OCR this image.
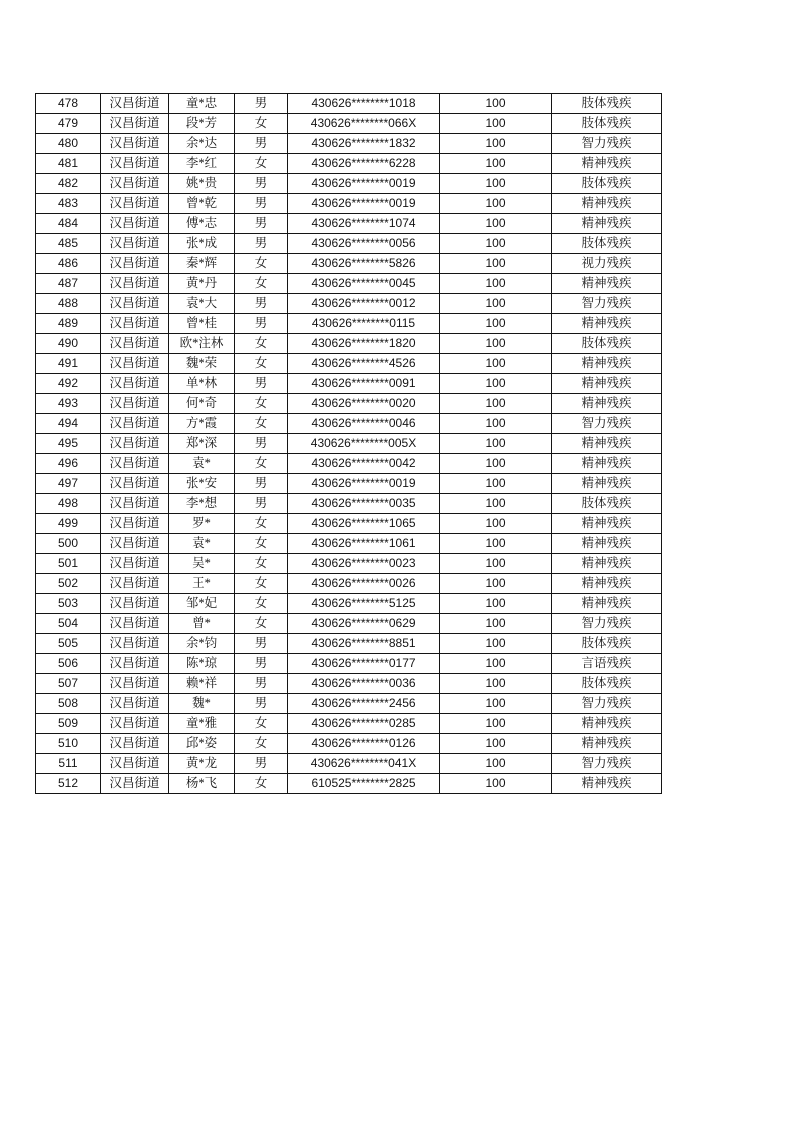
478	汉昌街道	童*忠	男	430626********1018	100	肢体残疾
479	汉昌街道	段*芳	女	430626********066X	100	肢体残疾
480	汉昌街道	余*达	男	430626********1832	100	智力残疾
481	汉昌街道	李*红	女	430626********6228	100	精神残疾
482	汉昌街道	姚*贵	男	430626********0019	100	肢体残疾
483	汉昌街道	曾*乾	男	430626********0019	100	精神残疾
484	汉昌街道	傅*志	男	430626********1074	100	精神残疾
485	汉昌街道	张*成	男	430626********0056	100	肢体残疾
486	汉昌街道	秦*辉	女	430626********5826	100	视力残疾
487	汉昌街道	黄*丹	女	430626********0045	100	精神残疾
488	汉昌街道	袁*大	男	430626********0012	100	智力残疾
489	汉昌街道	曾*桂	男	430626********0115	100	精神残疾
490	汉昌街道	欧*注林	女	430626********1820	100	肢体残疾
491	汉昌街道	魏*荣	女	430626********4526	100	精神残疾
492	汉昌街道	单*林	男	430626********0091	100	精神残疾
493	汉昌街道	何*奇	女	430626********0020	100	精神残疾
494	汉昌街道	方*霞	女	430626********0046	100	智力残疾
495	汉昌街道	郑*深	男	430626********005X	100	精神残疾
496	汉昌街道	袁*	女	430626********0042	100	精神残疾
497	汉昌街道	张*安	男	430626********0019	100	精神残疾
498	汉昌街道	李*想	男	430626********0035	100	肢体残疾
499	汉昌街道	罗*	女	430626********1065	100	精神残疾
500	汉昌街道	袁*	女	430626********1061	100	精神残疾
501	汉昌街道	吴*	女	430626********0023	100	精神残疾
502	汉昌街道	王*	女	430626********0026	100	精神残疾
503	汉昌街道	邹*妃	女	430626********5125	100	精神残疾
504	汉昌街道	曾*	女	430626********0629	100	智力残疾
505	汉昌街道	余*钧	男	430626********8851	100	肢体残疾
506	汉昌街道	陈*琼	男	430626********0177	100	言语残疾
507	汉昌街道	赖*祥	男	430626********0036	100	肢体残疾
508	汉昌街道	魏*	男	430626********2456	100	智力残疾
509	汉昌街道	童*雅	女	430626********0285	100	精神残疾
510	汉昌街道	邱*姿	女	430626********0126	100	精神残疾
511	汉昌街道	黄*龙	男	430626********041X	100	智力残疾
512	汉昌街道	杨*飞	女	610525********2825	100	精神残疾
